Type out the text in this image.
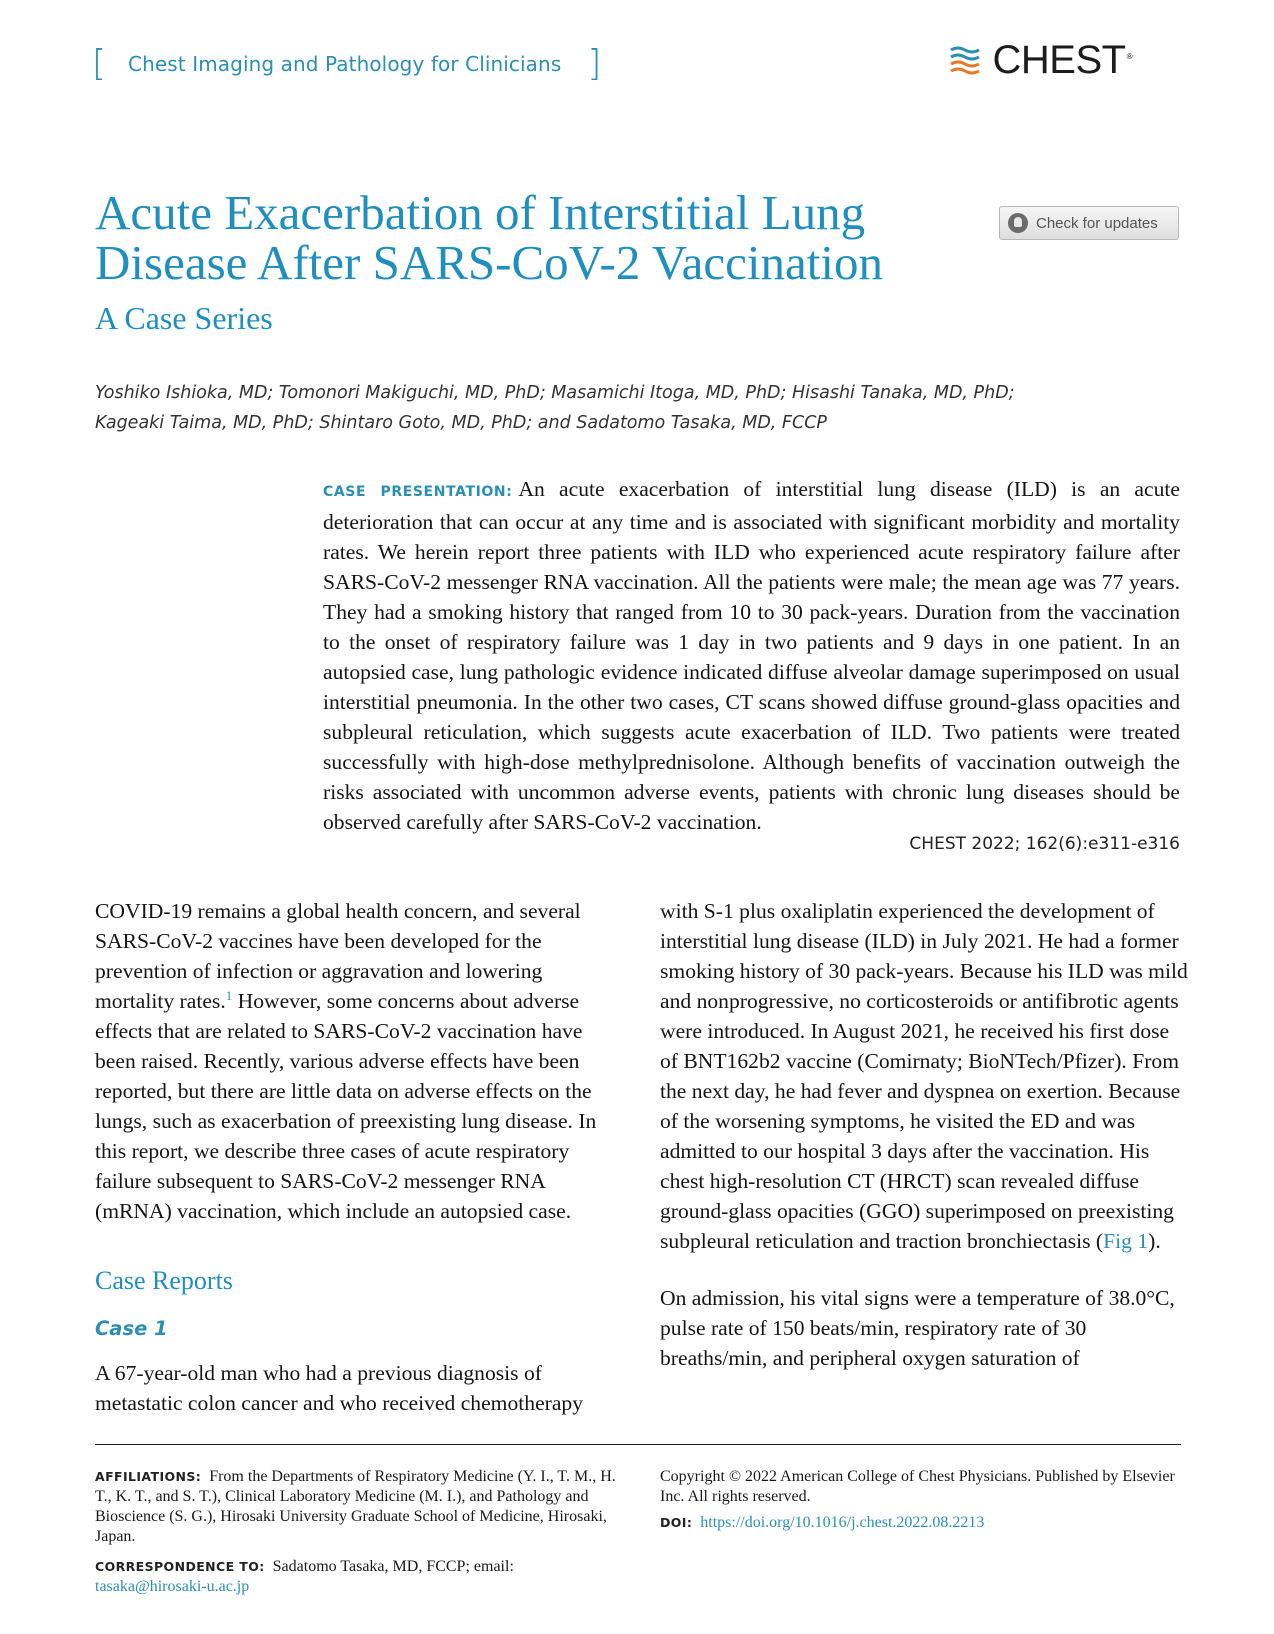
[ Chest Imaging and Pathology for Clinicians ]	CHEST®
Acute Exacerbation of Interstitial Lung Disease After SARS-CoV-2 Vaccination
A Case Series
Check for updates
Yoshiko Ishioka, MD; Tomonori Makiguchi, MD, PhD; Masamichi Itoga, MD, PhD; Hisashi Tanaka, MD, PhD;
Kageaki Taima, MD, PhD; Shintaro Goto, MD, PhD; and Sadatomo Tasaka, MD, FCCP
CASE PRESENTATION: An acute exacerbation of interstitial lung disease (ILD) is an acute deterioration that can occur at any time and is associated with significant morbidity and mortality rates. We herein report three patients with ILD who experienced acute respiratory failure after SARS-CoV-2 messenger RNA vaccination. All the patients were male; the mean age was 77 years. They had a smoking history that ranged from 10 to 30 pack-years. Duration from the vaccination to the onset of respiratory failure was 1 day in two patients and 9 days in one patient. In an autopsied case, lung pathologic evidence indicated diffuse alveolar damage superimposed on usual interstitial pneumonia. In the other two cases, CT scans showed diffuse ground-glass opacities and subpleural reticulation, which suggests acute exacerbation of ILD. Two patients were treated successfully with high-dose methylprednisolone. Although benefits of vaccination outweigh the risks associated with uncommon adverse events, patients with chronic lung diseases should be observed carefully after SARS-CoV-2 vaccination.
CHEST 2022; 162(6):e311-e316

COVID-19 remains a global health concern, and several SARS-CoV-2 vaccines have been developed for the prevention of infection or aggravation and lowering mortality rates.$^1$ However, some concerns about adverse effects that are related to SARS-CoV-2 vaccination have been raised. Recently, various adverse effects have been reported, but there are little data on adverse effects on the lungs, such as exacerbation of preexisting lung disease. In this report, we describe three cases of acute respiratory failure subsequent to SARS-CoV-2 messenger RNA (mRNA) vaccination, which include an autopsied case.

Case Reports
Case 1

A 67-year-old man who had a previous diagnosis of metastatic colon cancer and who received chemotherapy

with S-1 plus oxaliplatin experienced the development of interstitial lung disease (ILD) in July 2021. He had a former smoking history of 30 pack-years. Because his ILD was mild and nonprogressive, no corticosteroids or antifibrotic agents were introduced. In August 2021, he received his first dose of BNT162b2 vaccine (Comirnaty; BioNTech/Pfizer). From the next day, he had fever and dyspnea on exertion. Because of the worsening symptoms, he visited the ED and was admitted to our hospital 3 days after the vaccination. His chest high-resolution CT (HRCT) scan revealed diffuse ground-glass opacities (GGO) superimposed on preexisting subpleural reticulation and traction bronchiectasis (Fig 1).

On admission, his vital signs were a temperature of 38.0°C, pulse rate of 150 beats/min, respiratory rate of 30 breaths/min, and peripheral oxygen saturation of

AFFILIATIONS: From the Departments of Respiratory Medicine (Y. I., T. M., H. T., K. T., and S. T.), Clinical Laboratory Medicine (M. I.), and Pathology and Bioscience (S. G.), Hirosaki University Graduate School of Medicine, Hirosaki, Japan.

CORRESPONDENCE TO: Sadatomo Tasaka, MD, FCCP; email: tasaka@hirosaki-u.ac.jp

Copyright © 2022 American College of Chest Physicians. Published by Elsevier Inc. All rights reserved.

DOI: https://doi.org/10.1016/j.chest.2022.08.2213
